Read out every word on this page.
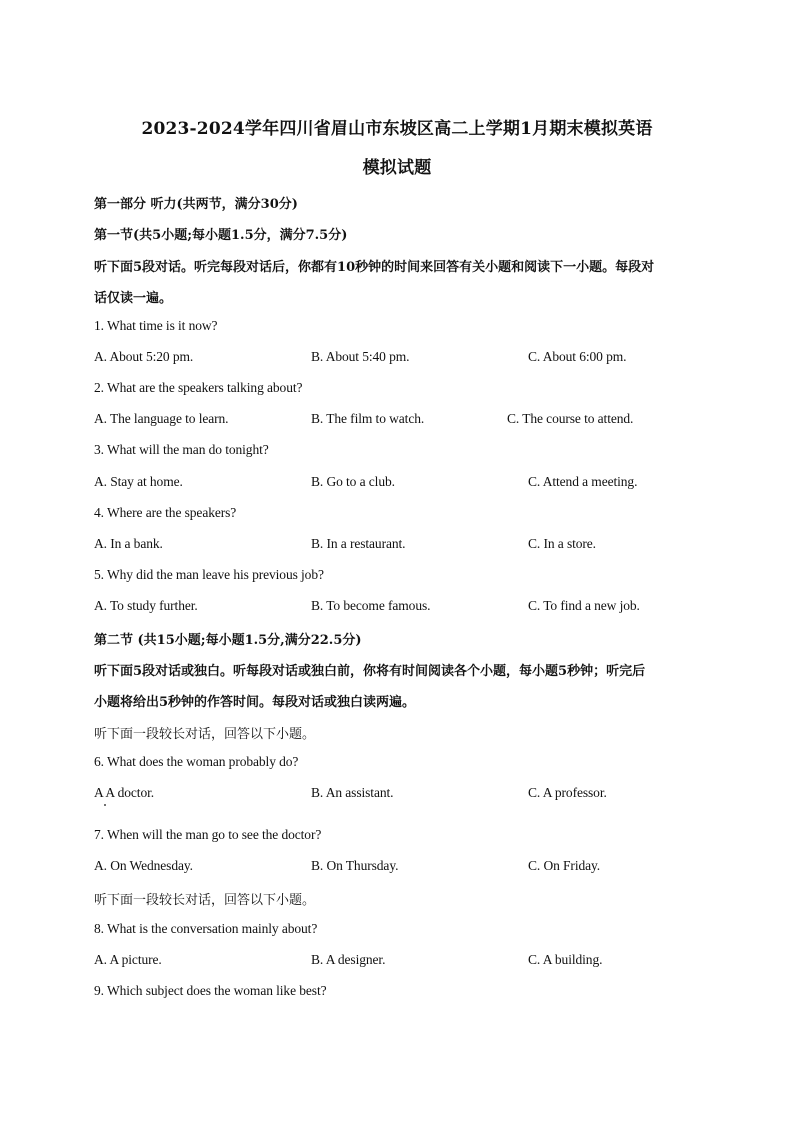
2023-2024学年四川省眉山市东坡区高二上学期1月期末模拟英语
模拟试题
第一部分 听力(共两节，满分30分)
第一节(共5小题;每小题1.5分，满分7.5分)
听下面5段对话。听完每段对话后，你都有10秒钟的时间来回答有关小题和阅读下一小题。每段对
话仅读一遍。
1. What time is it now?
A. About 5:20 pm.	B. About 5:40 pm.	C. About 6:00 pm.
2. What are the speakers talking about?
A. The language to learn.	B. The film to watch.	C. The course to attend.
3. What will the man do tonight?
A. Stay at home.	B. Go to a club.	C. Attend a meeting.
4. Where are the speakers?
A. In a bank.	B. In a restaurant.	C. In a store.
5. Why did the man leave his previous job?
A. To study further.	B. To become famous.	C. To find a new job.
第二节 (共15小题;每小题1.5分,满分22.5分)
听下面5段对话或独白。听每段对话或独白前，你将有时间阅读各个小题，每小题5秒钟；听完后
小题将给出5秒钟的作答时间。每段对话或独白读两遍。
听下面一段较长对话，回答以下小题。
6. What does the woman probably do?
A A doctor.	B. An assistant.	C. A professor.
7. When will the man go to see the doctor?
A. On Wednesday.	B. On Thursday.	C. On Friday.
听下面一段较长对话，回答以下小题。
8. What is the conversation mainly about?
A. A picture.	B. A designer.	C. A building.
9. Which subject does the woman like best?
